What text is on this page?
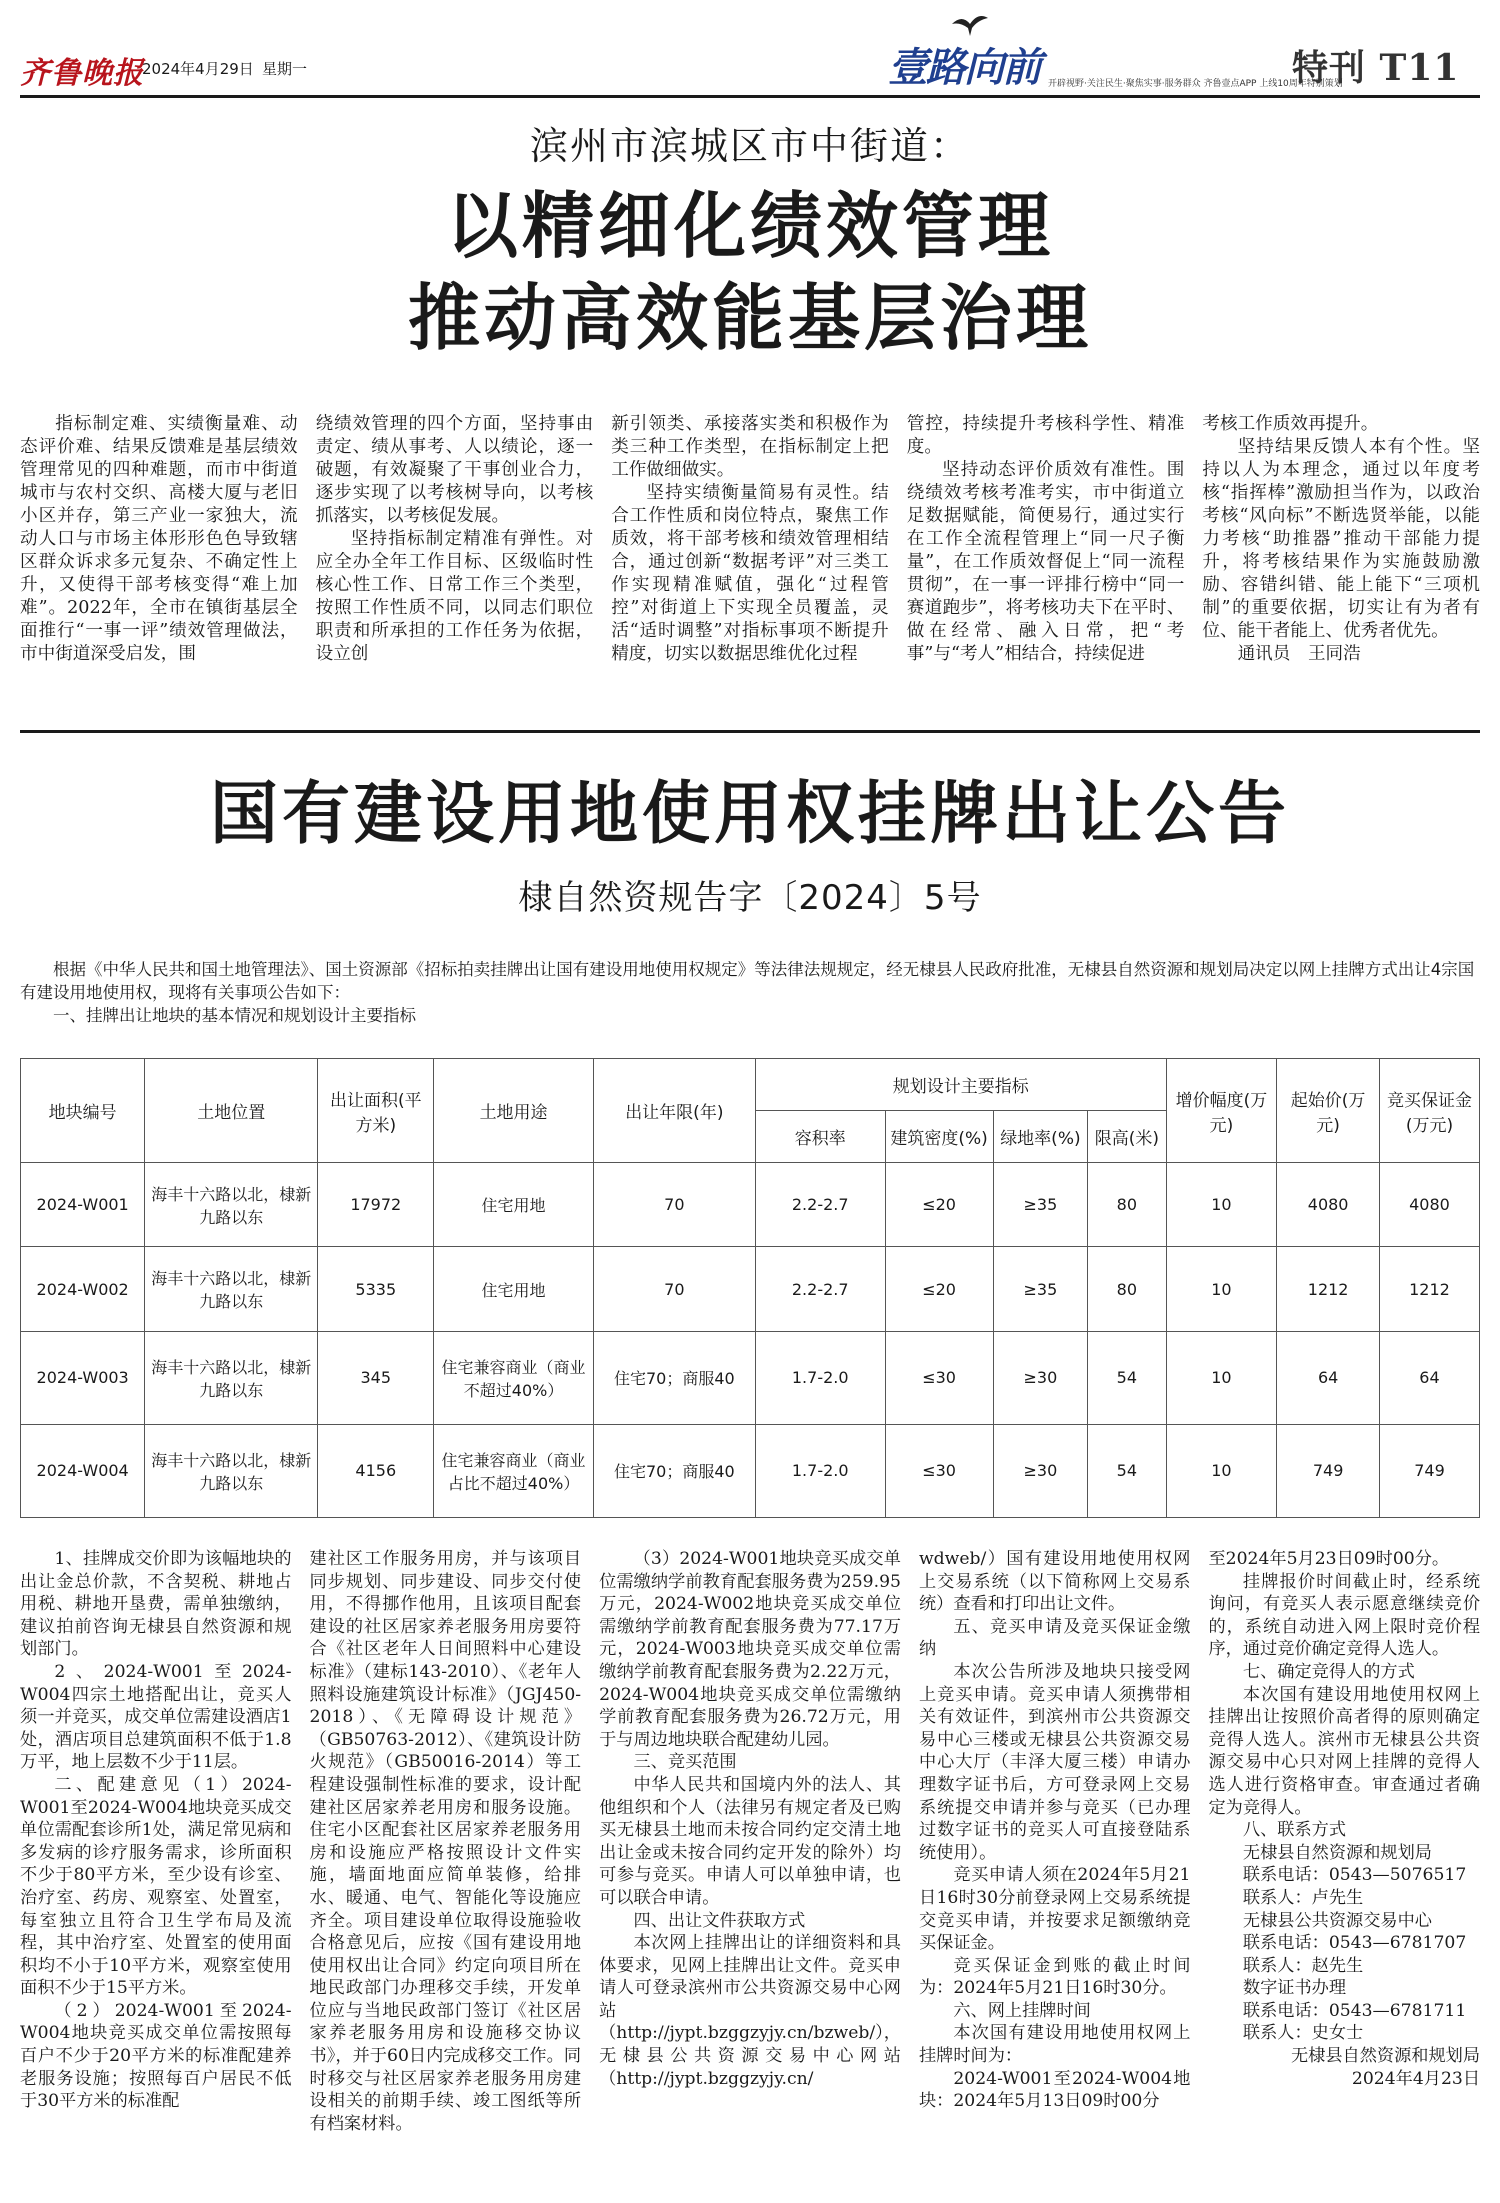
齐鲁晚报
2024年4月29日 星期一	壹路向前 开辟视野·关注民生·聚焦实事·服务群众 齐鲁壹点APP 上线10周年特别策划
特刊 T11
滨州市滨城区市中街道：
以精细化绩效管理
推动高效能基层治理

指标制定难、实绩衡量难、动态评价难、结果反馈难是基层绩效管理常见的四种难题，而市中街道城市与农村交织、高楼大厦与老旧小区并存，第三产业一家独大，流动人口与市场主体形形色色导致辖区群众诉求多元复杂、不确定性上升，又使得干部考核变得“难上加难”。2022年，全市在镇街基层全面推行“一事一评”绩效管理做法，市中街道深受启发，围

绕绩效管理的四个方面，坚持事由责定、绩从事考、人以绩论，逐一破题，有效凝聚了干事创业合力，逐步实现了以考核树导向，以考核抓落实，以考核促发展。

坚持指标制定精准有弹性。对应全办全年工作目标、区级临时性核心性工作、日常工作三个类型，按照工作性质不同，以同志们职位职责和所承担的工作任务为依据，设立创

新引领类、承接落实类和积极作为类三种工作类型，在指标制定上把工作做细做实。

坚持实绩衡量简易有灵性。结合工作性质和岗位特点，聚焦工作质效，将干部考核和绩效管理相结合，通过创新“数据考评”对三类工作实现精准赋值，强化“过程管控”对街道上下实现全员覆盖，灵活“适时调整”对指标事项不断提升精度，切实以数据思维优化过程

管控，持续提升考核科学性、精准度。

坚持动态评价质效有准性。围绕绩效考核考准考实，市中街道立足数据赋能，简便易行，通过实行在工作全流程管理上“同一尺子衡量”，在工作质效督促上“同一流程贯彻”，在一事一评排行榜中“同一赛道跑步”，将考核功夫下在平时、做在经常、融入日常，把“考事”与“考人”相结合，持续促进

考核工作质效再提升。

坚持结果反馈人本有个性。坚持以人为本理念，通过以年度考核“指挥棒”激励担当作为，以政治考核“风向标”不断选贤举能，以能力考核“助推器”推动干部能力提升，将考核结果作为实施鼓励激励、容错纠错、能上能下“三项机制”的重要依据，切实让有为者有位、能干者能上、优秀者优先。

通讯员　王同浩

国有建设用地使用权挂牌出让公告
棣自然资规告字〔2024〕5号

根据《中华人民共和国土地管理法》、国土资源部《招标拍卖挂牌出让国有建设用地使用权规定》等法律法规规定，经无棣县人民政府批准，无棣县自然资源和规划局决定以网上挂牌方式出让4宗国有建设用地使用权，现将有关事项公告如下：

一、挂牌出让地块的基本情况和规划设计主要指标

地块编号	土地位置	出让面积(平方米)	土地用途	出让年限(年)	规划设计主要指标				增价幅度(万元)	起始价(万元)	竞买保证金(万元)
					容积率	建筑密度(%)	绿地率(%)	限高(米)			
2024-W001	海丰十六路以北，棣新九路以东	17972	住宅用地	70	2.2-2.7	≤20	≥35	80	10	4080	4080
2024-W002	海丰十六路以北，棣新九路以东	5335	住宅用地	70	2.2-2.7	≤20	≥35	80	10	1212	1212
2024-W003	海丰十六路以北，棣新九路以东	345	住宅兼容商业（商业不超过40%）	住宅70；商服40	1.7-2.0	≤30	≥30	54	10	64	64
2024-W004	海丰十六路以北，棣新九路以东	4156	住宅兼容商业（商业占比不超过40%）	住宅70；商服40	1.7-2.0	≤30	≥30	54	10	749	749

1、挂牌成交价即为该幅地块的出让金总价款，不含契税、耕地占用税、耕地开垦费，需单独缴纳，建议拍前咨询无棣县自然资源和规划部门。

2、2024-W001至2024-W004四宗土地搭配出让，竞买人须一并竞买，成交单位需建设酒店1处，酒店项目总建筑面积不低于1.8万平，地上层数不少于11层。

二、配建意见（1）2024-W001至2024-W004地块竞买成交单位需配套诊所1处，满足常见病和多发病的诊疗服务需求，诊所面积不少于80平方米，至少设有诊室、治疗室、药房、观察室、处置室，每室独立且符合卫生学布局及流程，其中治疗室、处置室的使用面积均不小于10平方米，观察室使用面积不少于15平方米。

（2）2024-W001至2024-W004地块竞买成交单位需按照每百户不少于20平方米的标准配建养老服务设施；按照每百户居民不低于30平方米的标准配

建社区工作服务用房，并与该项目同步规划、同步建设、同步交付使用，不得挪作他用，且该项目配套建设的社区居家养老服务用房要符合《社区老年人日间照料中心建设标准》（建标143-2010）、《老年人照料设施建筑设计标准》（JGJ450-2018）、《无障碍设计规范》（GB50763-2012）、《建筑设计防火规范》（GB50016-2014）等工程建设强制性标准的要求，设计配建社区居家养老用房和服务设施。住宅小区配套社区居家养老服务用房和设施应严格按照设计文件实施，墙面地面应简单装修，给排水、暖通、电气、智能化等设施应齐全。项目建设单位取得设施验收合格意见后，应按《国有建设用地使用权出让合同》约定向项目所在地民政部门办理移交手续，开发单位应与当地民政部门签订《社区居家养老服务用房和设施移交协议书》，并于60日内完成移交工作。同时移交与社区居家养老服务用房建设相关的前期手续、竣工图纸等所有档案材料。

（3）2024-W001地块竞买成交单位需缴纳学前教育配套服务费为259.95万元，2024-W002地块竞买成交单位需缴纳学前教育配套服务费为77.17万元，2024-W003地块竞买成交单位需缴纳学前教育配套服务费为2.22万元，2024-W004地块竞买成交单位需缴纳学前教育配套服务费为26.72万元，用于与周边地块联合配建幼儿园。

三、竞买范围

中华人民共和国境内外的法人、其他组织和个人（法律另有规定者及已购买无棣县土地而未按合同约定交清土地出让金或未按合同约定开发的除外）均可参与竞买。申请人可以单独申请，也可以联合申请。

四、出让文件获取方式

本次网上挂牌出让的详细资料和具体要求，见网上挂牌出让文件。竞买申请人可登录滨州市公共资源交易中心网站（http://jypt.bzggzyjy.cn/bzweb/），无棣县公共资源交易中心网站（http://jypt.bzggzyjy.cn/

wdweb/）国有建设用地使用权网上交易系统（以下简称网上交易系统）查看和打印出让文件。

五、竞买申请及竞买保证金缴纳

本次公告所涉及地块只接受网上竞买申请。竞买申请人须携带相关有效证件，到滨州市公共资源交易中心三楼或无棣县公共资源交易中心大厅（丰泽大厦三楼）申请办理数字证书后，方可登录网上交易系统提交申请并参与竞买（已办理过数字证书的竞买人可直接登陆系统使用）。

竞买申请人须在2024年5月21日16时30分前登录网上交易系统提交竞买申请，并按要求足额缴纳竞买保证金。

竞买保证金到账的截止时间为：2024年5月21日16时30分。

六、网上挂牌时间

本次国有建设用地使用权网上挂牌时间为：

2024-W001至2024-W004地块：2024年5月13日09时00分

至2024年5月23日09时00分。

挂牌报价时间截止时，经系统询问，有竞买人表示愿意继续竞价的，系统自动进入网上限时竞价程序，通过竞价确定竞得人选人。

七、确定竞得人的方式

本次国有建设用地使用权网上挂牌出让按照价高者得的原则确定竞得人选人。滨州市无棣县公共资源交易中心只对网上挂牌的竞得人选人进行资格审查。审查通过者确定为竞得人。

八、联系方式

无棣县自然资源和规划局

联系电话：0543—5076517

联系人：卢先生

无棣县公共资源交易中心

联系电话：0543—6781707

联系人：赵先生

数字证书办理

联系电话：0543—6781711

联系人：史女士

无棣县自然资源和规划局

2024年4月23日
